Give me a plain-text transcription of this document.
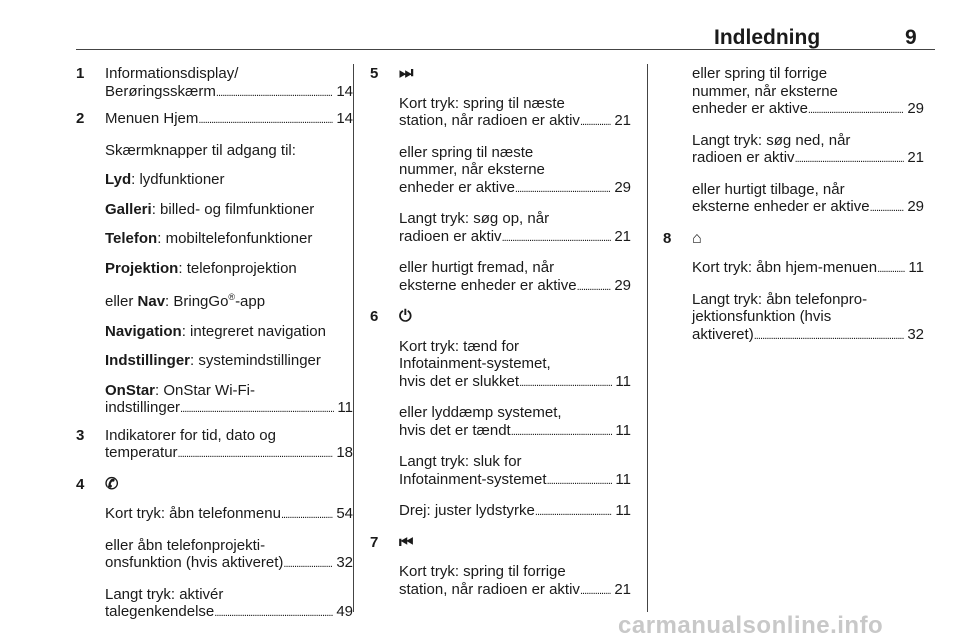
Indledning	9
1	Informationsdisplay/
Berøringsskærm . . .	14
2	Menuen Hjem . . .	14
Skærmknapper til adgang til:
Lyd: lydfunktioner
Galleri: billed- og filmfunktioner
Telefon: mobiltelefonfunktioner
Projektion: telefonprojektion
eller Nav: BringGo®-app
Navigation: integreret navigation
Indstillinger: systemindstillinger
OnStar: OnStar Wi-Fi-
indstillinger . . .	11
3	Indikatorer for tid, dato og
temperatur . . .	18
4	✆
Kort tryk: åbn telefonmenu . . .	54
eller åbn telefonprojekti-
onsfunktion (hvis aktiveret) . . .	32
Langt tryk: aktivér
talegenkendelse . . .	49
5	⏭
Kort tryk: spring til næste
station, når radioen er aktiv . . . 21
eller spring til næste
nummer, når eksterne
enheder er aktive . . .	29
Langt tryk: søg op, når
radioen er aktiv . . .	21
eller hurtigt fremad, når
eksterne enheder er aktive . . .	29
6	⏻
Kort tryk: tænd for
Infotainment-systemet,
hvis det er slukket . . .	11
eller lyddæmp systemet,
hvis det er tændt . . .	11
Langt tryk: sluk for
Infotainment-systemet . . .	11
Drej: juster lydstyrke . . .	11
7	⏮
Kort tryk: spring til forrige
station, når radioen er aktiv . . . 21
eller spring til forrige
nummer, når eksterne
enheder er aktive . . .	29
Langt tryk: søg ned, når
radioen er aktiv . . .	21
eller hurtigt tilbage, når
eksterne enheder er aktive . . .	29
8	⌂
Kort tryk: åbn hjem-menuen . . . 11
Langt tryk: åbn telefonpro-
jektionsfunktion (hvis
aktiveret) . . .	32
carmanualsonline.info
